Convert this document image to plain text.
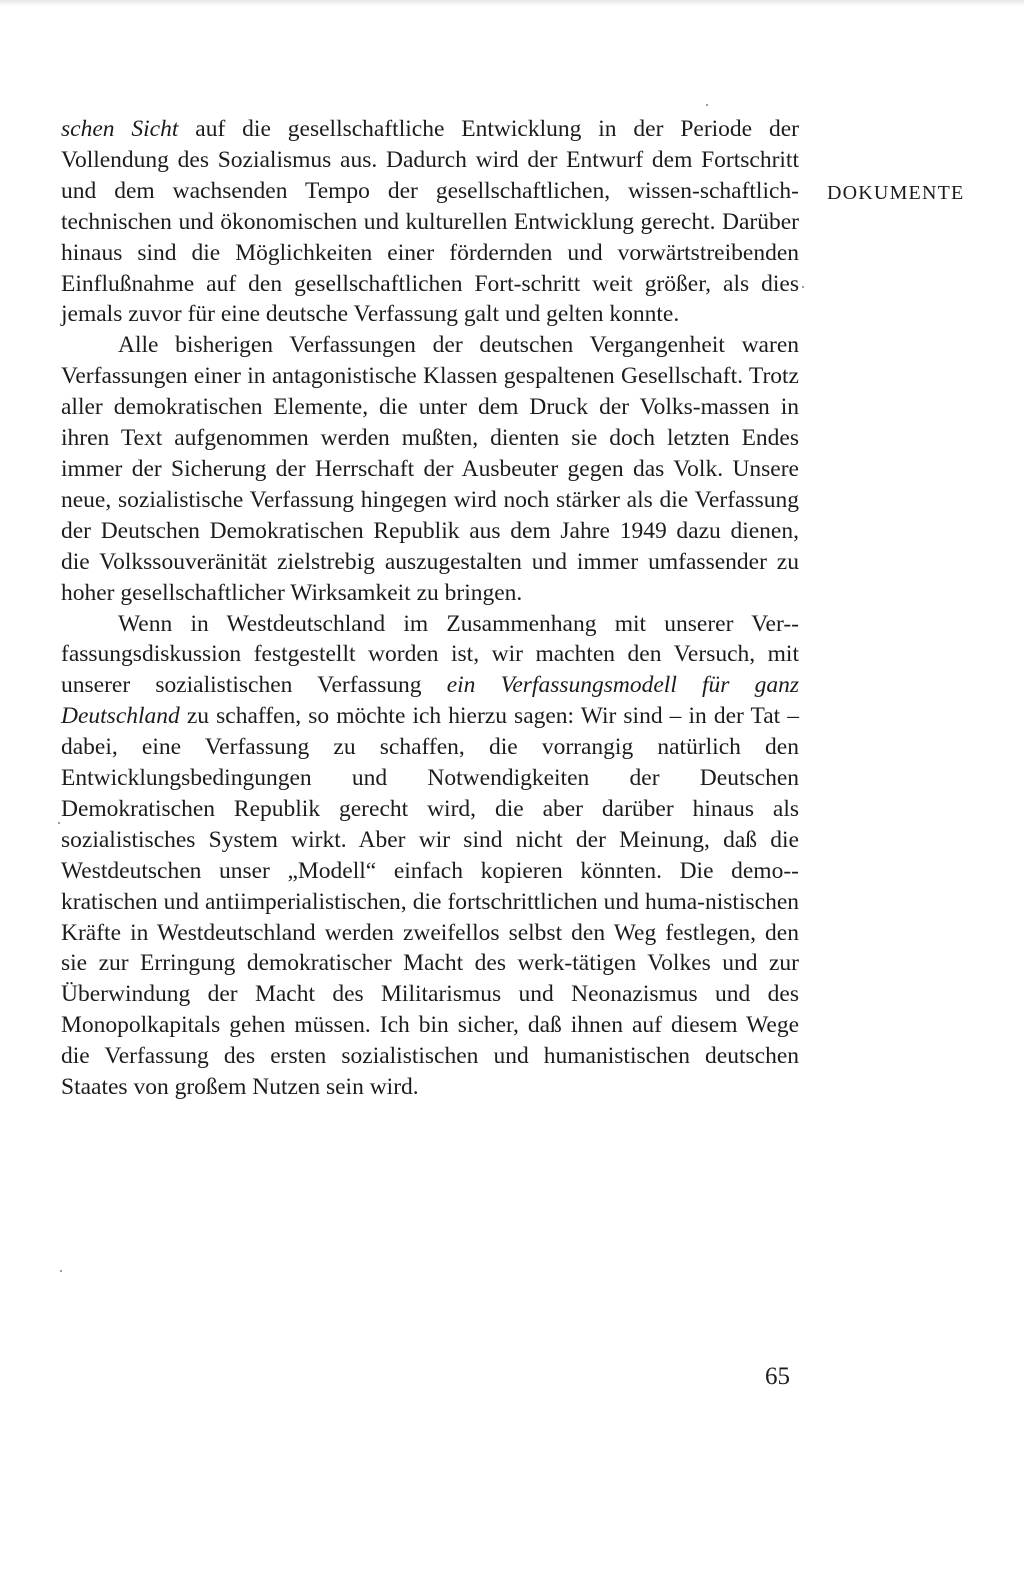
schen Sicht auf die gesellschaftliche Entwicklung in der Periode der Vollendung des Sozialismus aus. Dadurch wird der Entwurf dem Fortschritt und dem wachsenden Tempo der gesellschaftlichen, wissen-schaftlich-technischen und ökonomischen und kulturellen Entwicklung gerecht. Darüber hinaus sind die Möglichkeiten einer fördernden und vorwärtstreibenden Einflußnahme auf den gesellschaftlichen Fort-schritt weit größer, als dies jemals zuvor für eine deutsche Verfassung galt und gelten konnte.

Alle bisherigen Verfassungen der deutschen Vergangenheit waren Verfassungen einer in antagonistische Klassen gespaltenen Gesellschaft. Trotz aller demokratischen Elemente, die unter dem Druck der Volks-massen in ihren Text aufgenommen werden mußten, dienten sie doch letzten Endes immer der Sicherung der Herrschaft der Ausbeuter gegen das Volk. Unsere neue, sozialistische Verfassung hingegen wird noch stärker als die Verfassung der Deutschen Demokratischen Republik aus dem Jahre 1949 dazu dienen, die Volkssouveränität zielstrebig auszugestalten und immer umfassender zu hoher gesellschaftlicher Wirksamkeit zu bringen.

Wenn in Westdeutschland im Zusammenhang mit unserer Ver-fassungsdiskussion festgestellt worden ist, wir machten den Versuch, mit unserer sozialistischen Verfassung ein Verfassungsmodell für ganz Deutschland zu schaffen, so möchte ich hierzu sagen: Wir sind – in der Tat – dabei, eine Verfassung zu schaffen, die vorrangig natürlich den Entwicklungsbedingungen und Notwendigkeiten der Deutschen Demokratischen Republik gerecht wird, die aber darüber hinaus als sozialistisches System wirkt. Aber wir sind nicht der Meinung, daß die Westdeutschen unser „Modell“ einfach kopieren könnten. Die demo-kratischen und antiimperialistischen, die fortschrittlichen und huma-nistischen Kräfte in Westdeutschland werden zweifellos selbst den Weg festlegen, den sie zur Erringung demokratischer Macht des werk-tätigen Volkes und zur Überwindung der Macht des Militarismus und Neonazismus und des Monopolkapitals gehen müssen. Ich bin sicher, daß ihnen auf diesem Wege die Verfassung des ersten sozialistischen und humanistischen deutschen Staates von großem Nutzen sein wird.

DOKUMENTE
65
